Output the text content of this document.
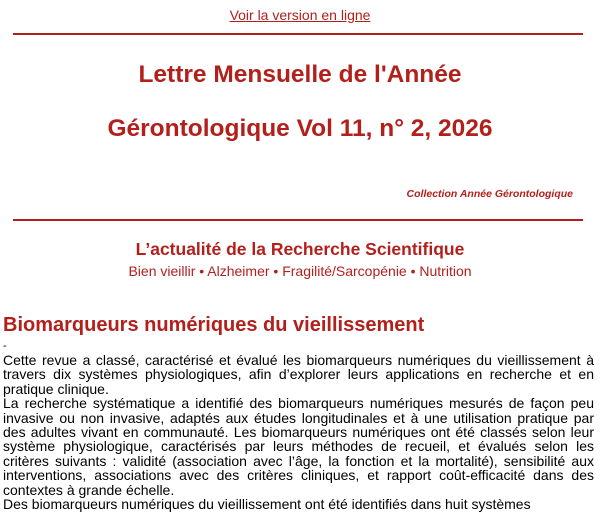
Voir la version en ligne
Lettre Mensuelle de l'Année
Gérontologique Vol 11, n° 2, 2026
Collection Année Gérontologique
L’actualité de la Recherche Scientifique
Bien vieillir • Alzheimer • Fragilité/Sarcopénie • Nutrition
Biomarqueurs numériques du vieillissement
-

Cette revue a classé, caractérisé et évalué les biomarqueurs numériques du vieillissement à travers dix systèmes physiologiques, afin d’explorer leurs applications en recherche et en pratique clinique.

La recherche systématique a identifié des biomarqueurs numériques mesurés de façon peu invasive ou non invasive, adaptés aux études longitudinales et à une utilisation pratique par des adultes vivant en communauté. Les biomarqueurs numériques ont été classés selon leur système physiologique, caractérisés par leurs méthodes de recueil, et évalués selon les critères suivants : validité (association avec l’âge, la fonction et la mortalité), sensibilité aux interventions, associations avec des critères cliniques, et rapport coût-efficacité dans des contextes à grande échelle.

Des biomarqueurs numériques du vieillissement ont été identifiés dans huit systèmes
